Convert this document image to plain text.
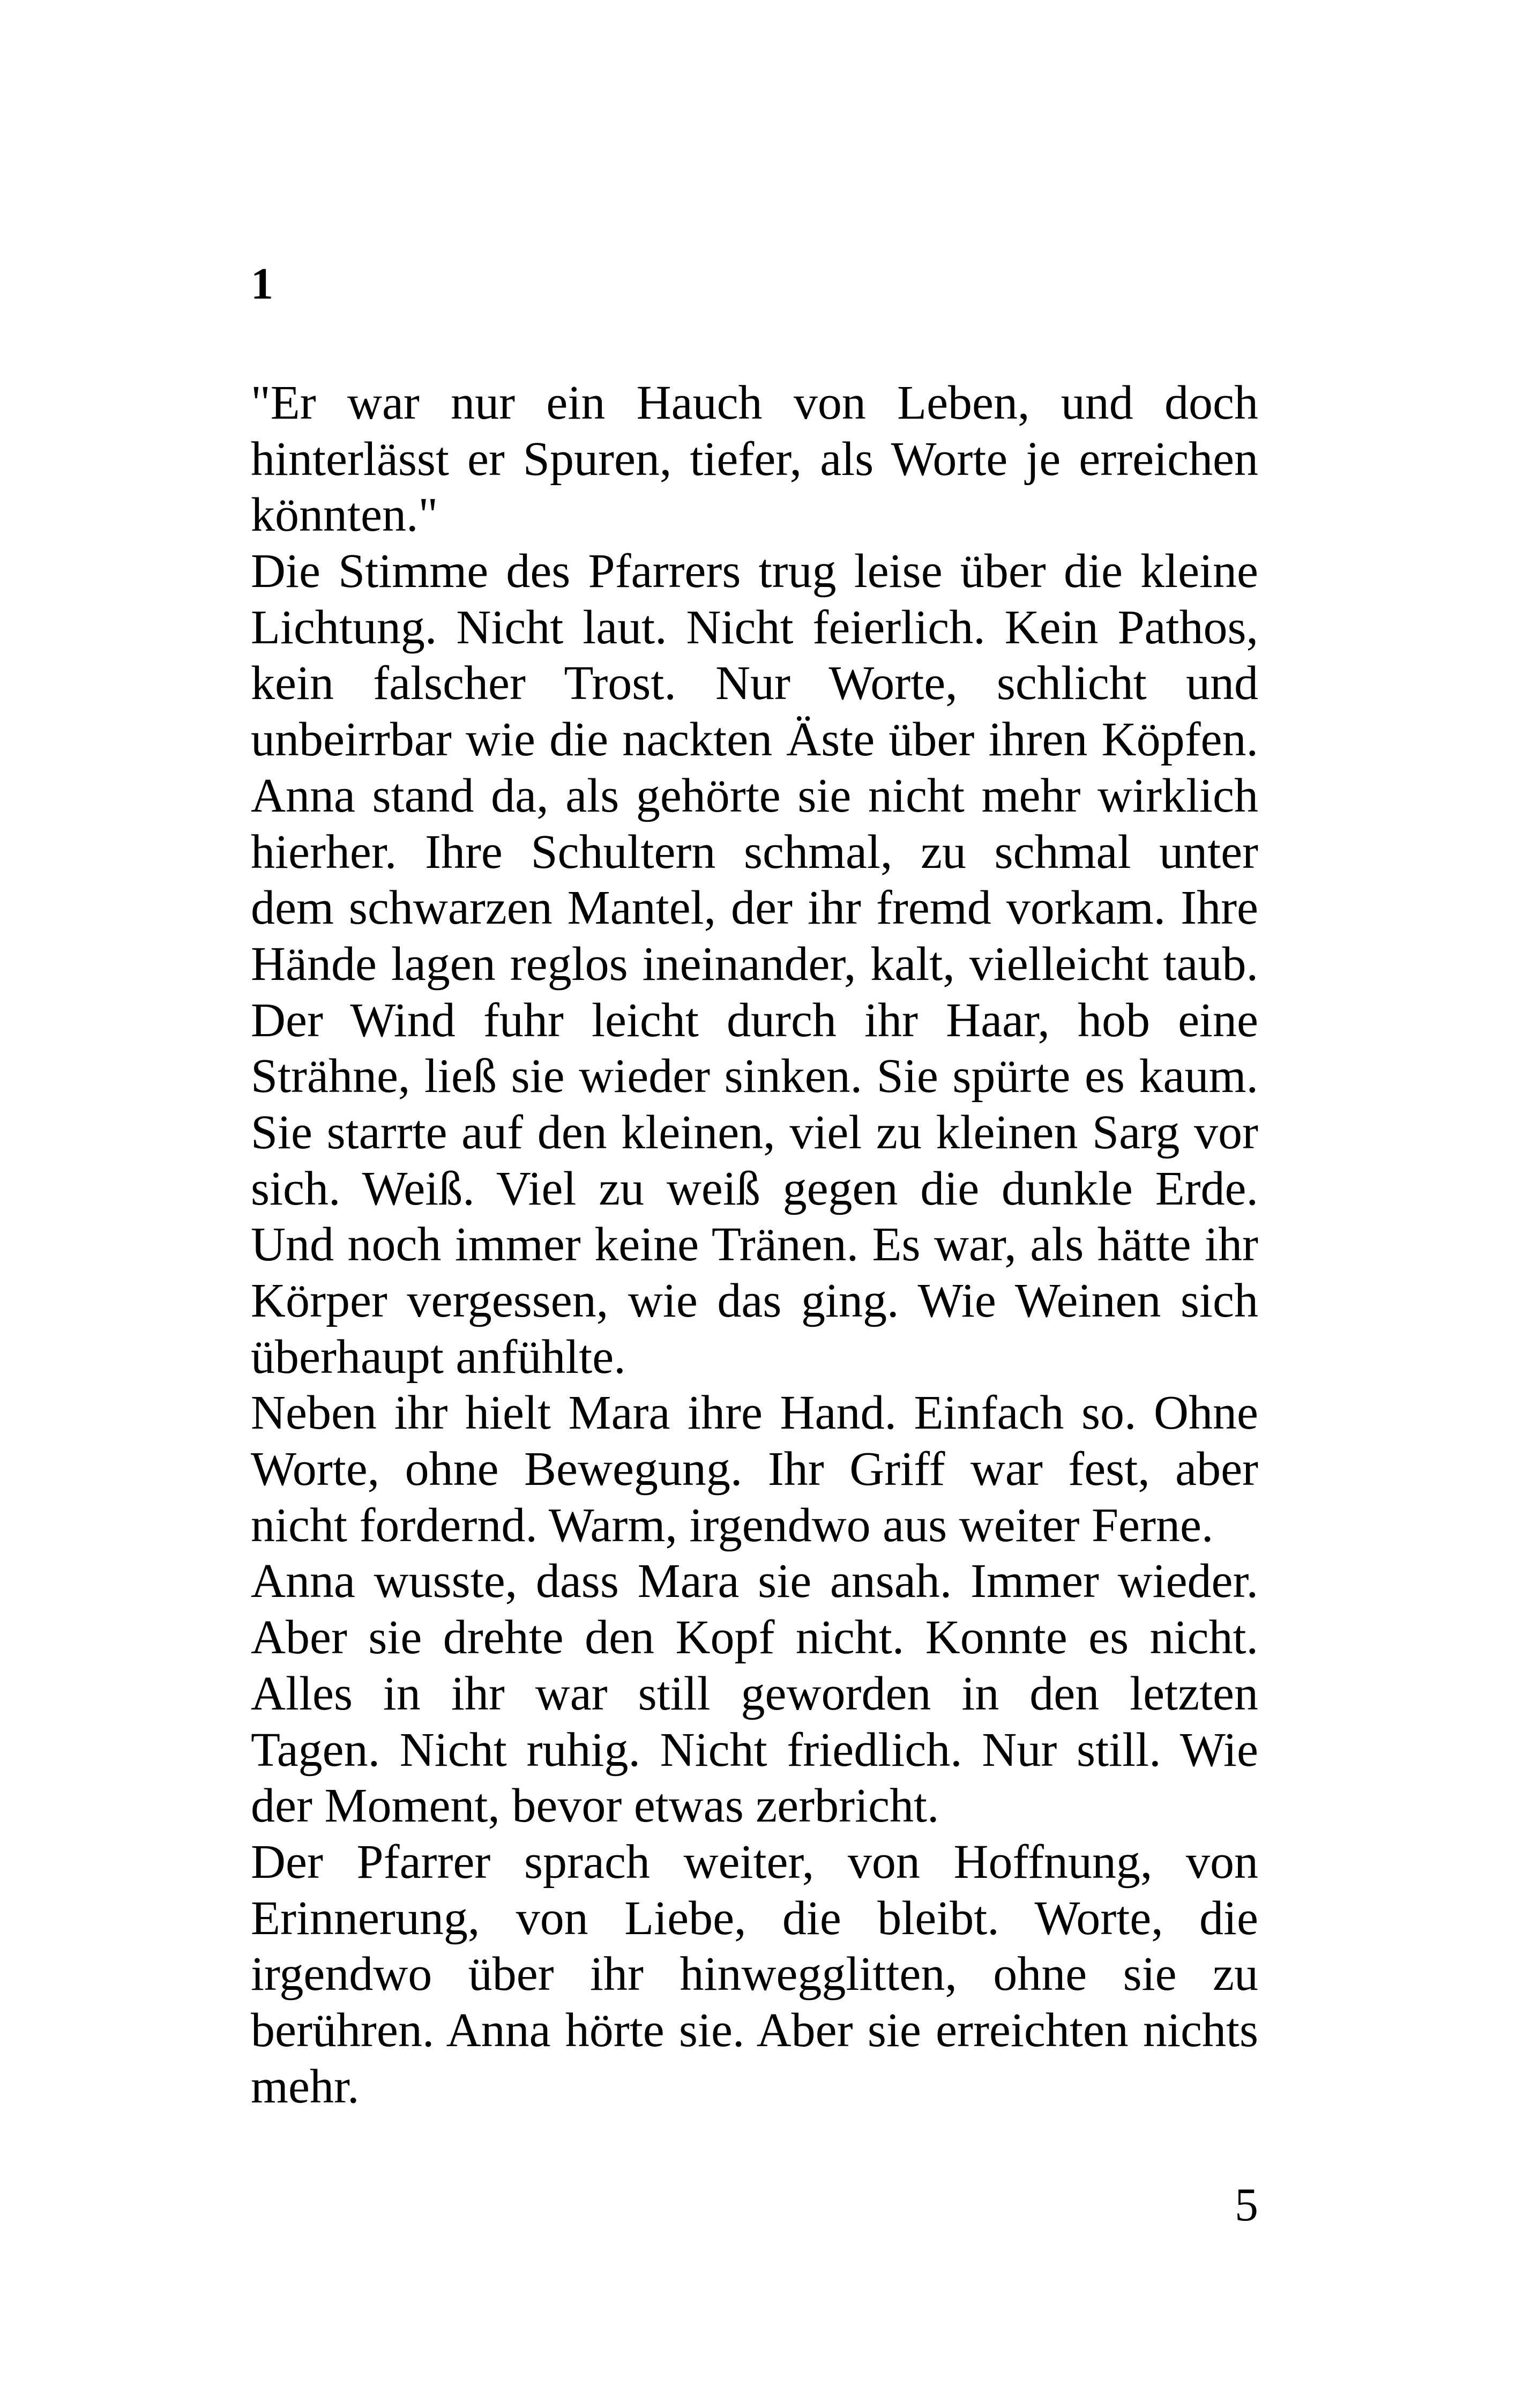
1
"Er war nur ein Hauch von Leben, und doch
hinterlässt er Spuren, tiefer, als Worte je erreichen
könnten."
Die Stimme des Pfarrers trug leise über die kleine
Lichtung. Nicht laut. Nicht feierlich. Kein Pathos,
kein falscher Trost. Nur Worte, schlicht und
unbeirrbar wie die nackten Äste über ihren Köpfen.
Anna stand da, als gehörte sie nicht mehr wirklich
hierher. Ihre Schultern schmal, zu schmal unter
dem schwarzen Mantel, der ihr fremd vorkam. Ihre
Hände lagen reglos ineinander, kalt, vielleicht taub.
Der Wind fuhr leicht durch ihr Haar, hob eine
Strähne, ließ sie wieder sinken. Sie spürte es kaum.
Sie starrte auf den kleinen, viel zu kleinen Sarg vor
sich. Weiß. Viel zu weiß gegen die dunkle Erde.
Und noch immer keine Tränen. Es war, als hätte ihr
Körper vergessen, wie das ging. Wie Weinen sich
überhaupt anfühlte.
Neben ihr hielt Mara ihre Hand. Einfach so. Ohne
Worte, ohne Bewegung. Ihr Griff war fest, aber
nicht fordernd. Warm, irgendwo aus weiter Ferne.
Anna wusste, dass Mara sie ansah. Immer wieder.
Aber sie drehte den Kopf nicht. Konnte es nicht.
Alles in ihr war still geworden in den letzten
Tagen. Nicht ruhig. Nicht friedlich. Nur still. Wie
der Moment, bevor etwas zerbricht.
Der Pfarrer sprach weiter, von Hoffnung, von
Erinnerung, von Liebe, die bleibt. Worte, die
irgendwo über ihr hinwegglitten, ohne sie zu
berühren. Anna hörte sie. Aber sie erreichten nichts
mehr.
5
